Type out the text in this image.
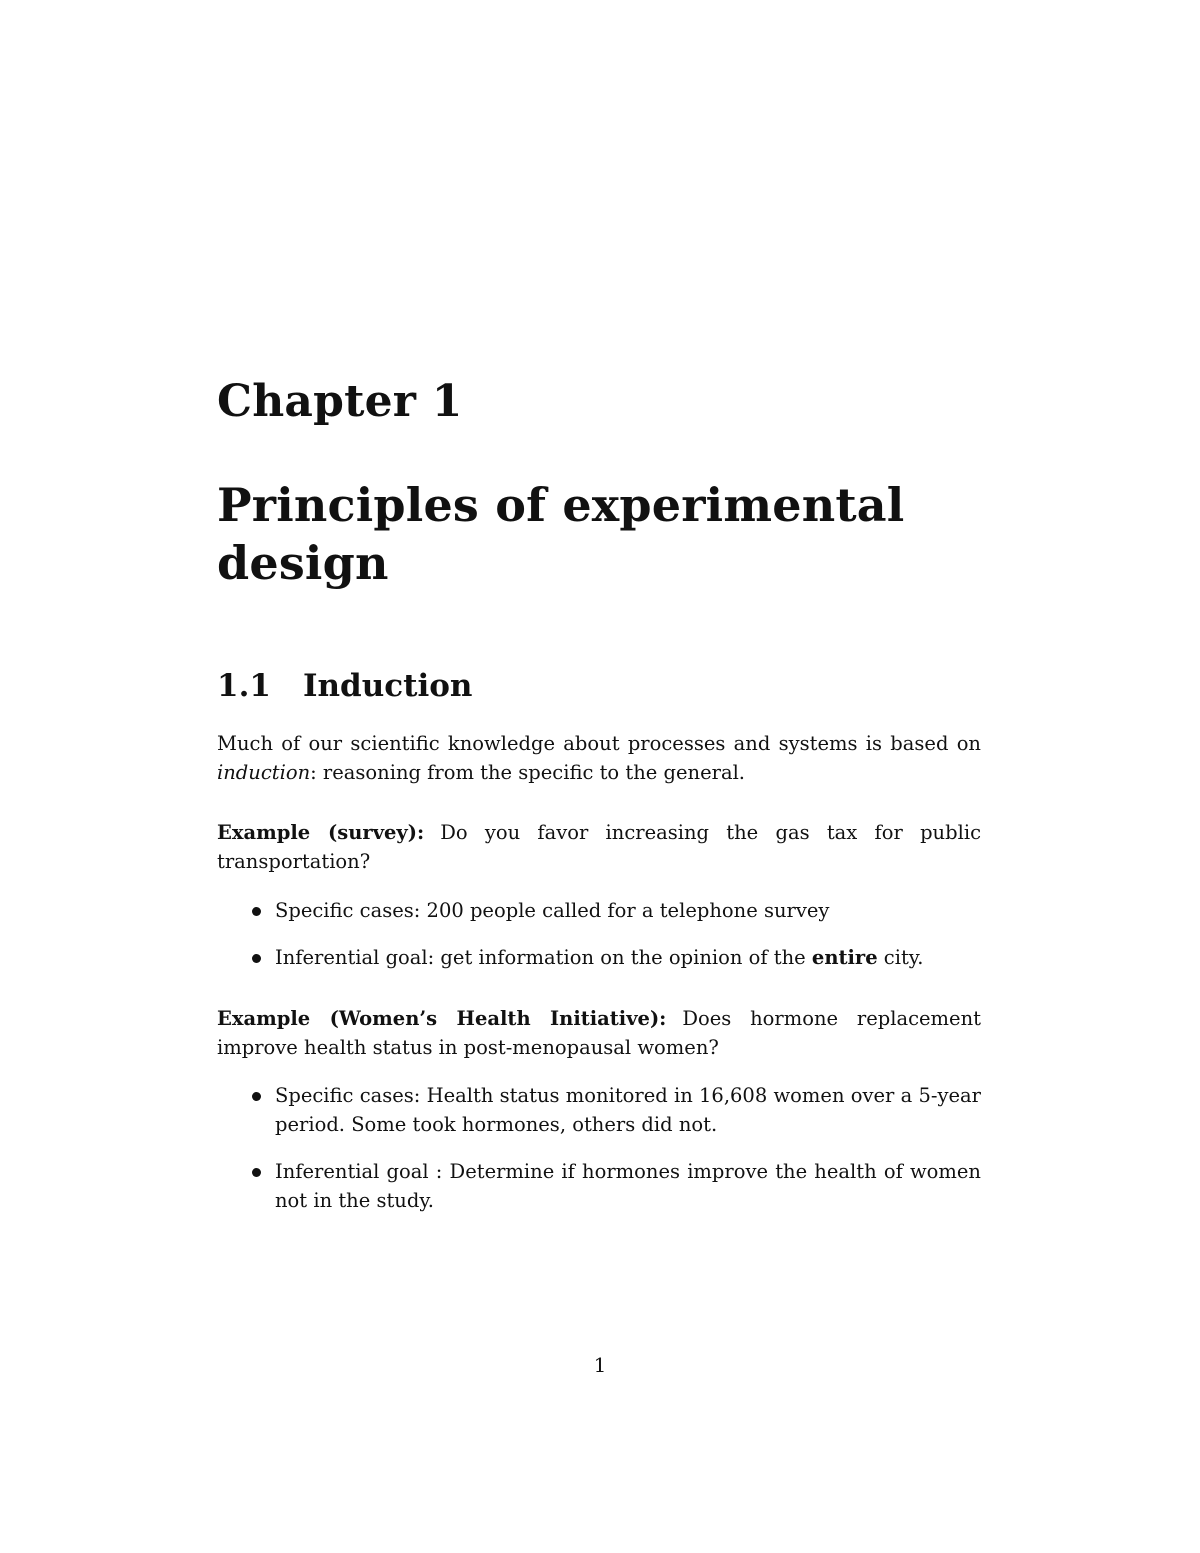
Chapter 1
Principles of experimental
design
1.1 Induction
Much of our scientific knowledge about processes and systems is based on induction: reasoning from the specific to the general.
Example (survey): Do you favor increasing the gas tax for public transportation?
Specific cases: 200 people called for a telephone survey
Inferential goal: get information on the opinion of the entire city.
Example (Women’s Health Initiative): Does hormone replacement improve health status in post-menopausal women?
Specific cases: Health status monitored in 16,608 women over a 5-year period. Some took hormones, others did not.
Inferential goal : Determine if hormones improve the health of women not in the study.
1
